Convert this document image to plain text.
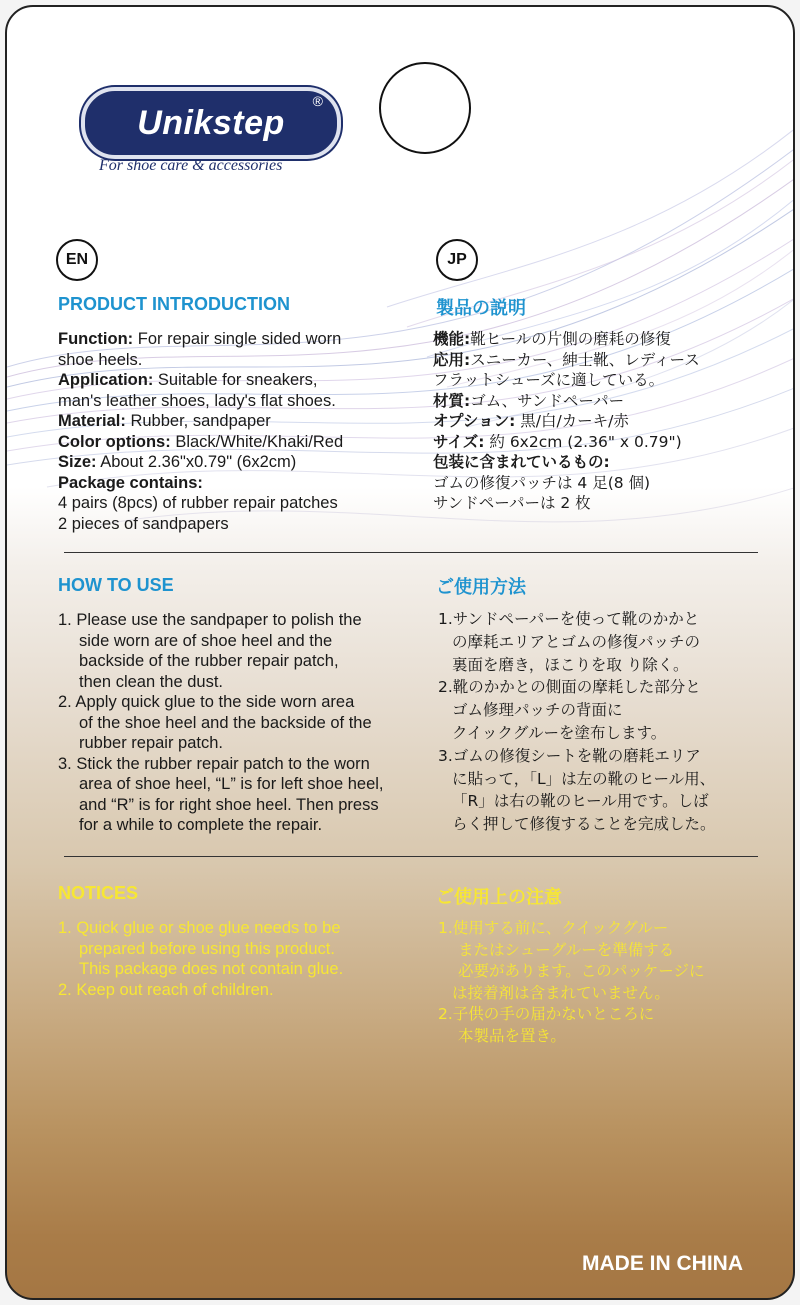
Unikstep
®
For shoe care & accessories
EN	JP
PRODUCT INTRODUCTION	製品の説明
Function: For repair single sided worn
shoe heels.
Application: Suitable for sneakers,
man's leather shoes, lady's flat shoes.
Material: Rubber, sandpaper
Color options: Black/White/Khaki/Red
Size: About 2.36"x0.79" (6x2cm)
Package contains:
4 pairs (8pcs) of rubber repair patches
2 pieces of sandpapers
機能:靴ヒールの片側の磨耗の修復
応用:スニーカー、紳士靴、レディース
フラットシューズに適している。
材質:ゴム、サンドペーパー
オプション: 黒/白/カーキ/赤
サイズ: 約 6x2cm (2.36" x 0.79")
包装に含まれているもの:
ゴムの修復パッチは 4 足(8 個)
サンドペーパーは 2 枚
HOW TO USE	ご使用方法
1. Please use the sandpaper to polish the
side worn are of shoe heel and the
backside of the rubber repair patch,
then clean the dust.
2. Apply quick glue to the side worn area
of the shoe heel and the backside of the
rubber repair patch.
3. Stick the rubber repair patch to the worn
area of shoe heel, “L” is for left shoe heel,
and “R” is for right shoe heel. Then press
for a while to complete the repair.
1.サンドペーパーを使って靴のかかと
の摩耗エリアとゴムの修復パッチの
裏面を磨き，ほこりを取 り除く。
2.靴のかかとの側面の摩耗した部分と
ゴム修理パッチの背面に
クイックグルーを塗布します。
3.ゴムの修復シートを靴の磨耗エリア
に貼って，「L」は左の靴のヒール用、
「R」は右の靴のヒール用です。しば
らく押して修復することを完成した。
NOTICES	ご使用上の注意
1. Quick glue or shoe glue needs to be
prepared before using this product.
This package does not contain glue.
2. Keep out reach of children.
1.使用する前に、クイックグルー
またはシューグルーを準備する
必要があります。このパッケージに
は接着剤は含まれていません。
2.子供の手の届かないところに
本製品を置き。
MADE IN CHINA
